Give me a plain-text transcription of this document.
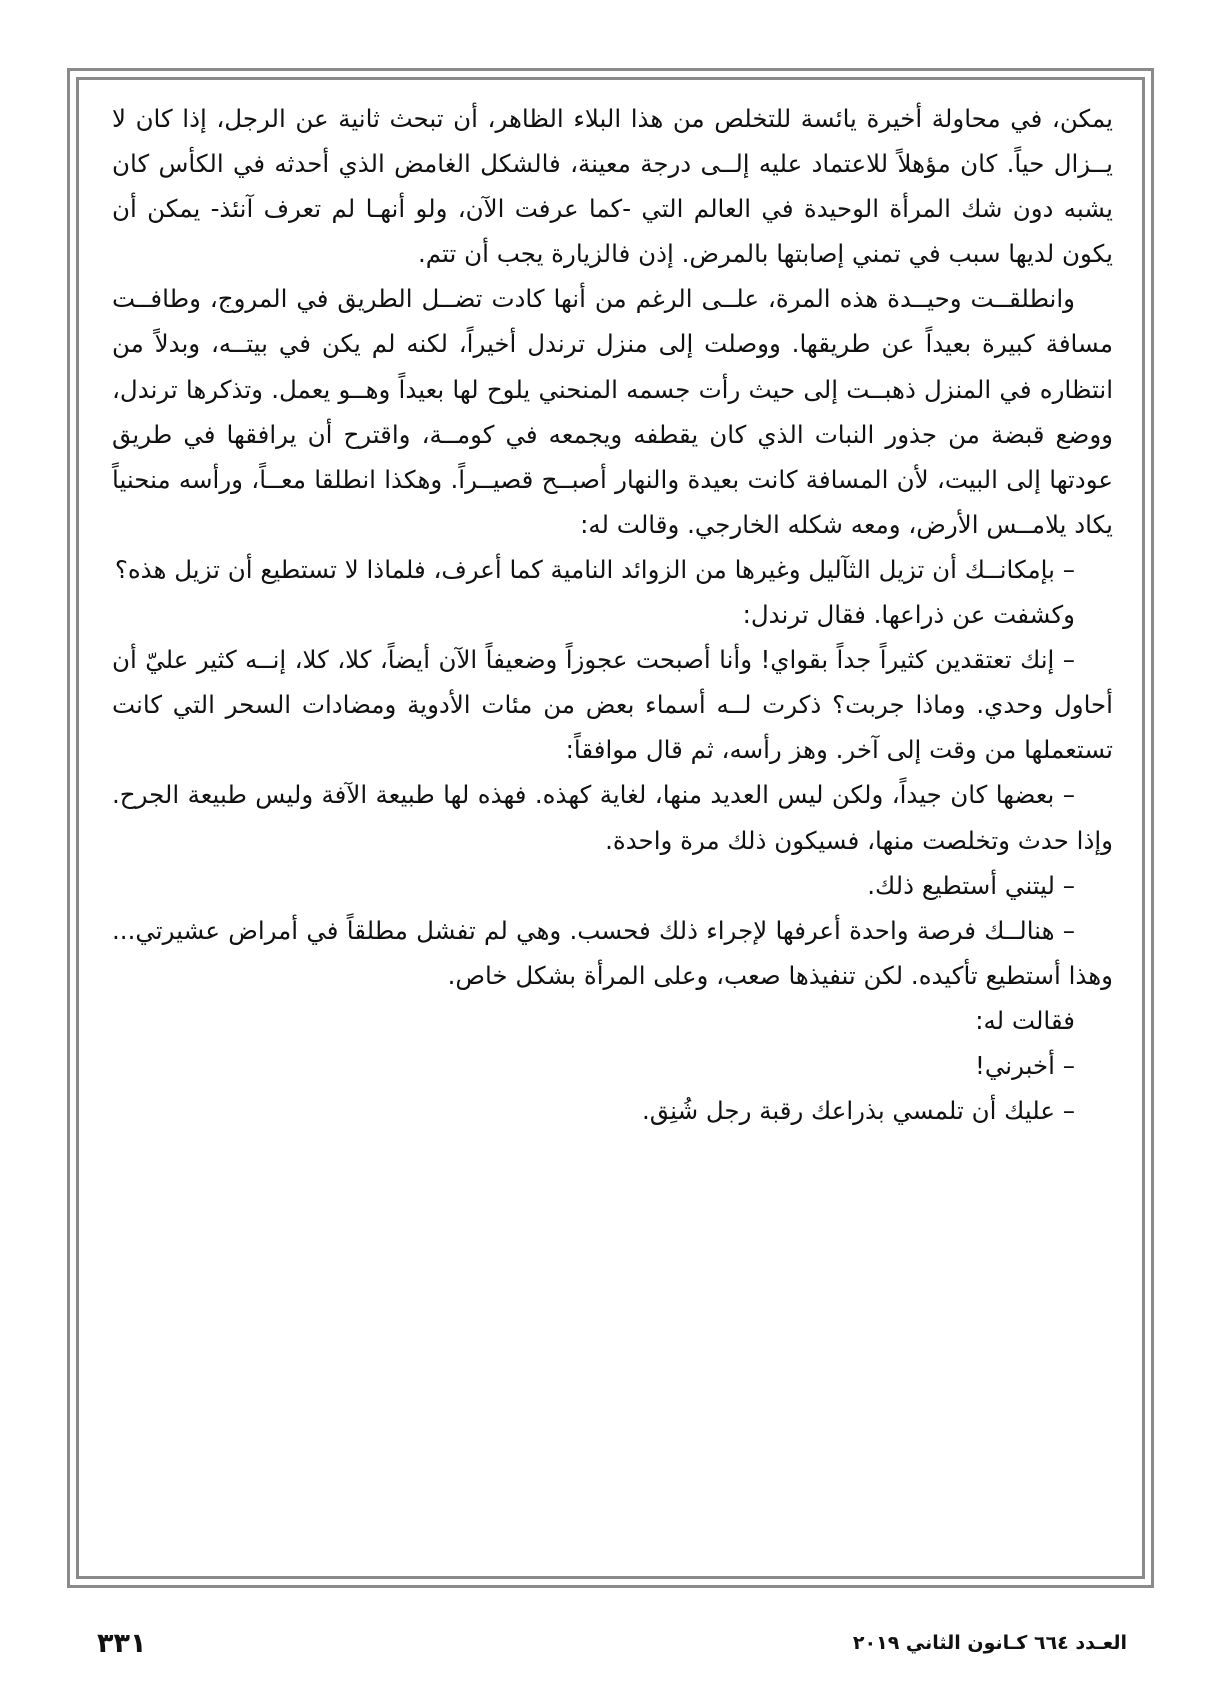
يمكن، في محاولة أخيرة يائسة للتخلص من هذا البلاء الظاهر، أن تبحث ثانية عن الرجل، إذا كان لا يــزال حياً. كان مؤهلاً للاعتماد عليه إلــى درجة معينة، فالشكل الغامض الذي أحدثه في الكأس كان يشبه دون شك المرأة الوحيدة في العالم التي -كما عرفت الآن، ولو أنهـا لم تعرف آنئذ- يمكن أن يكون لديها سبب في تمني إصابتها بالمرض. إذن فالزيارة يجب أن تتم.

وانطلقــت وحيــدة هذه المرة، علــى الرغم من أنها كادت تضــل الطريق في المروج، وطافــت مسافة كبيرة بعيداً عن طريقها. ووصلت إلى منزل ترندل أخيراً، لكنه لم يكن في بيتــه، وبدلاً من انتظاره في المنزل ذهبــت إلى حيث رأت جسمه المنحني يلوح لها بعيداً وهــو يعمل. وتذكرها ترندل، ووضع قبضة من جذور النبات الذي كان يقطفه ويجمعه في كومــة، واقترح أن يرافقها في طريق عودتها إلى البيت، لأن المسافة كانت بعيدة والنهار أصبــح قصيــراً. وهكذا انطلقا معــاً، ورأسه منحنياً يكاد يلامــس الأرض، ومعه شكله الخارجي. وقالت له:

– بإمكانــك أن تزيل الثآليل وغيرها من الزوائد النامية كما أعرف، فلماذا لا تستطيع أن تزيل هذه؟

وكشفت عن ذراعها. فقال ترندل:

– إنك تعتقدين كثيراً جداً بقواي! وأنا أصبحت عجوزاً وضعيفاً الآن أيضاً، كلا، كلا، إنــه كثير عليّ أن أحاول وحدي. وماذا جربت؟ ذكرت لــه أسماء بعض من مئات الأدوية ومضادات السحر التي كانت تستعملها من وقت إلى آخر. وهز رأسه، ثم قال موافقاً:

– بعضها كان جيداً، ولكن ليس العديد منها، لغاية كهذه. فهذه لها طبيعة الآفة وليس طبيعة الجرح. وإذا حدث وتخلصت منها، فسيكون ذلك مرة واحدة.

– ليتني أستطيع ذلك.

– هنالــك فرصة واحدة أعرفها لإجراء ذلك فحسب. وهي لم تفشل مطلقاً في أمراض عشيرتي... وهذا أستطيع تأكيده. لكن تنفيذها صعب، وعلى المرأة بشكل خاص.

فقالت له:

– أخبرني!

– عليك أن تلمسي بذراعك رقبة رجل شُنِق.

٣٣١	العـدد ٦٦٤ كـانون الثاني ٢٠١٩
